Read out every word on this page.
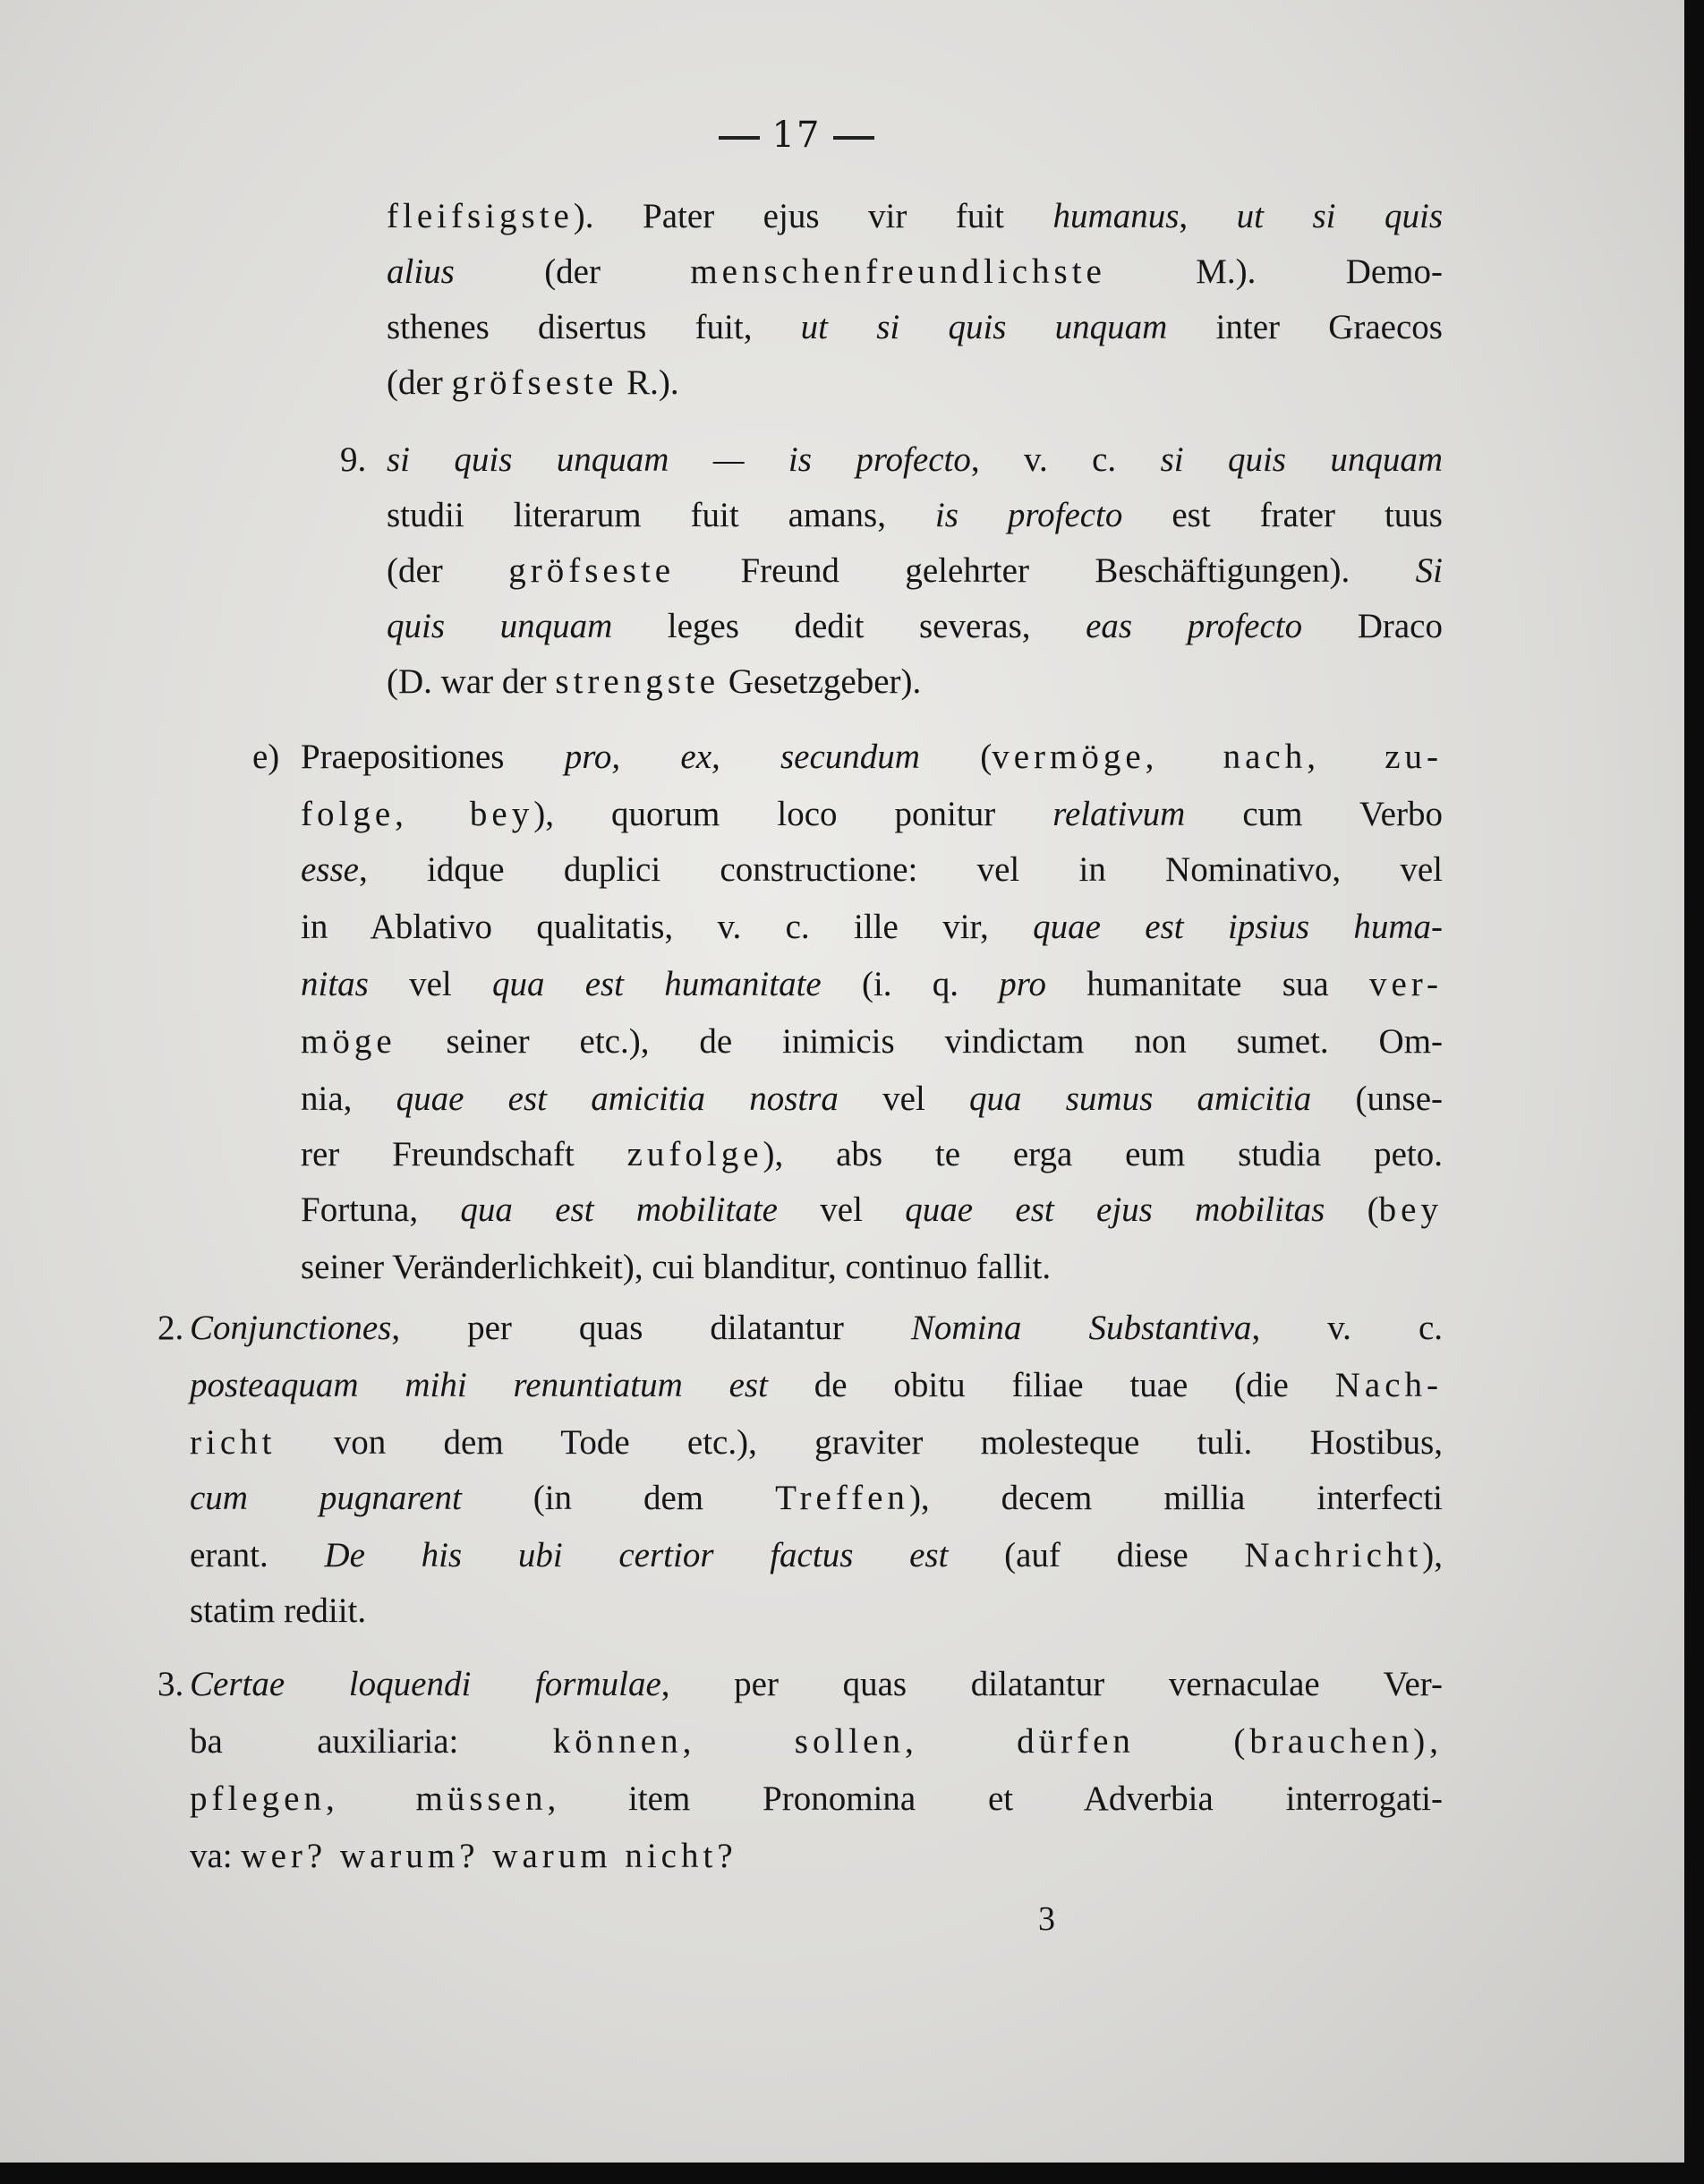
17
fleifsigste). Pater ejus vir fuit humanus, ut si quis
alius (der menschenfreundlichste M.). Demo-
sthenes disertus fuit, ut si quis unquam inter Graecos
(der gröfseste R.).
9. si quis unquam — is profecto, v. c. si quis unquam
studii literarum fuit amans, is profecto est frater tuus
(der gröfseste Freund gelehrter Beschäftigungen). Si
quis unquam leges dedit severas, eas profecto Draco
(D. war der strengste Gesetzgeber).
e) Praepositiones pro, ex, secundum (vermöge, nach, zu-
folge, bey), quorum loco ponitur relativum cum Verbo
esse, idque duplici constructione: vel in Nominativo, vel
in Ablativo qualitatis, v. c. ille vir, quae est ipsius huma-
nitas vel qua est humanitate (i. q. pro humanitate sua ver-
möge seiner etc.), de inimicis vindictam non sumet. Om-
nia, quae est amicitia nostra vel qua sumus amicitia (unse-
rer Freundschaft zufolge), abs te erga eum studia peto.
Fortuna, qua est mobilitate vel quae est ejus mobilitas (bey
seiner Veränderlichkeit), cui blanditur, continuo fallit.
2. Conjunctiones, per quas dilatantur Nomina Substantiva, v. c.
posteaquam mihi renuntiatum est de obitu filiae tuae (die Nach-
richt von dem Tode etc.), graviter molesteque tuli. Hostibus,
cum pugnarent (in dem Treffen), decem millia interfecti
erant. De his ubi certior factus est (auf diese Nachricht),
statim rediit.
3. Certae loquendi formulae, per quas dilatantur vernaculae Ver-
ba auxiliaria: können, sollen, dürfen (brauchen),
pflegen, müssen, item Pronomina et Adverbia interrogati-
va: wer? warum? warum nicht?
3
